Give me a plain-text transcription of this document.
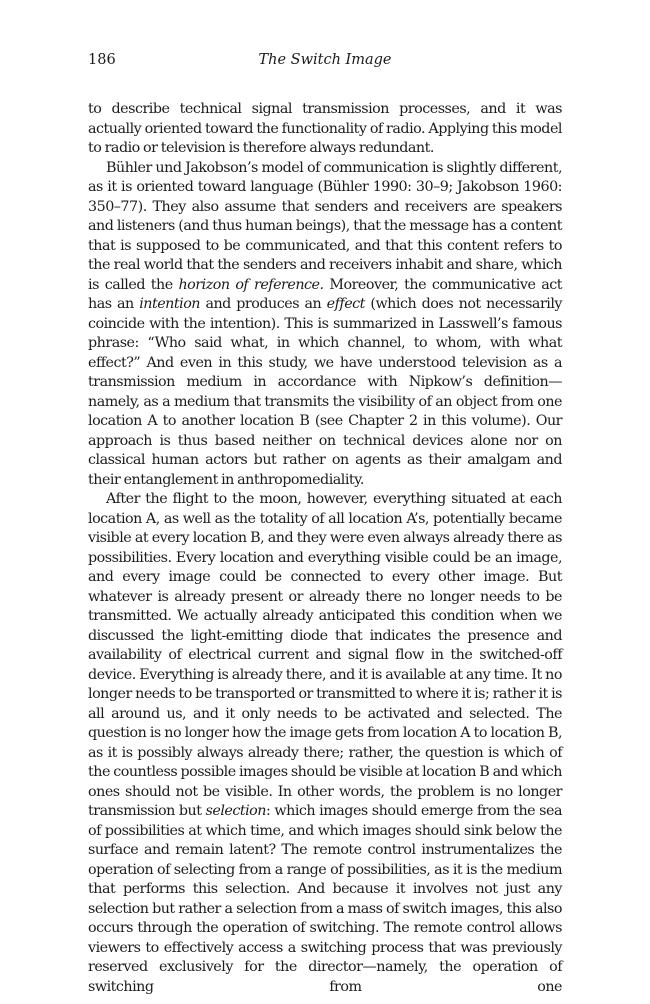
186	The Switch Image

to describe technical signal transmission processes, and it was actually oriented toward the functionality of radio. Applying this model to radio or television is therefore always redundant.

Bühler und Jakobson’s model of communication is slightly different, as it is oriented toward language (Bühler 1990: 30–9; Jakobson 1960: 350–77). They also assume that senders and receivers are speakers and listeners (and thus human beings), that the message has a content that is supposed to be communicated, and that this content refers to the real world that the senders and receivers inhabit and share, which is called the horizon of reference. Moreover, the communicative act has an intention and produces an effect (which does not necessarily coincide with the intention). This is summarized in Lasswell’s famous phrase: “Who said what, in which channel, to whom, with what effect?” And even in this study, we have understood television as a transmission medium in accordance with Nipkow’s definition—namely, as a medium that transmits the visibility of an object from one location A to another location B (see Chapter 2 in this volume). Our approach is thus based neither on technical devices alone nor on classical human actors but rather on agents as their amalgam and their entanglement in anthropomediality.

After the flight to the moon, however, everything situated at each location A, as well as the totality of all location A’s, potentially became visible at every location B, and they were even always already there as possibilities. Every location and everything visible could be an image, and every image could be connected to every other image. But whatever is already present or already there no longer needs to be transmitted. We actually already anticipated this condition when we discussed the light-emitting diode that indicates the presence and availability of electrical current and signal flow in the switched-off device. Everything is already there, and it is available at any time. It no longer needs to be transported or transmitted to where it is; rather it is all around us, and it only needs to be activated and selected. The question is no longer how the image gets from location A to location B, as it is possibly always already there; rather, the question is which of the countless possible images should be visible at location B and which ones should not be visible. In other words, the problem is no longer transmission but selection: which images should emerge from the sea of possibilities at which time, and which images should sink below the surface and remain latent? The remote control instrumentalizes the operation of selecting from a range of possibilities, as it is the medium that performs this selection. And because it involves not just any selection but rather a selection from a mass of switch images, this also occurs through the operation of switching. The remote control allows viewers to effectively access a switching process that was previously reserved exclusively for the director—namely, the operation of switching from one
